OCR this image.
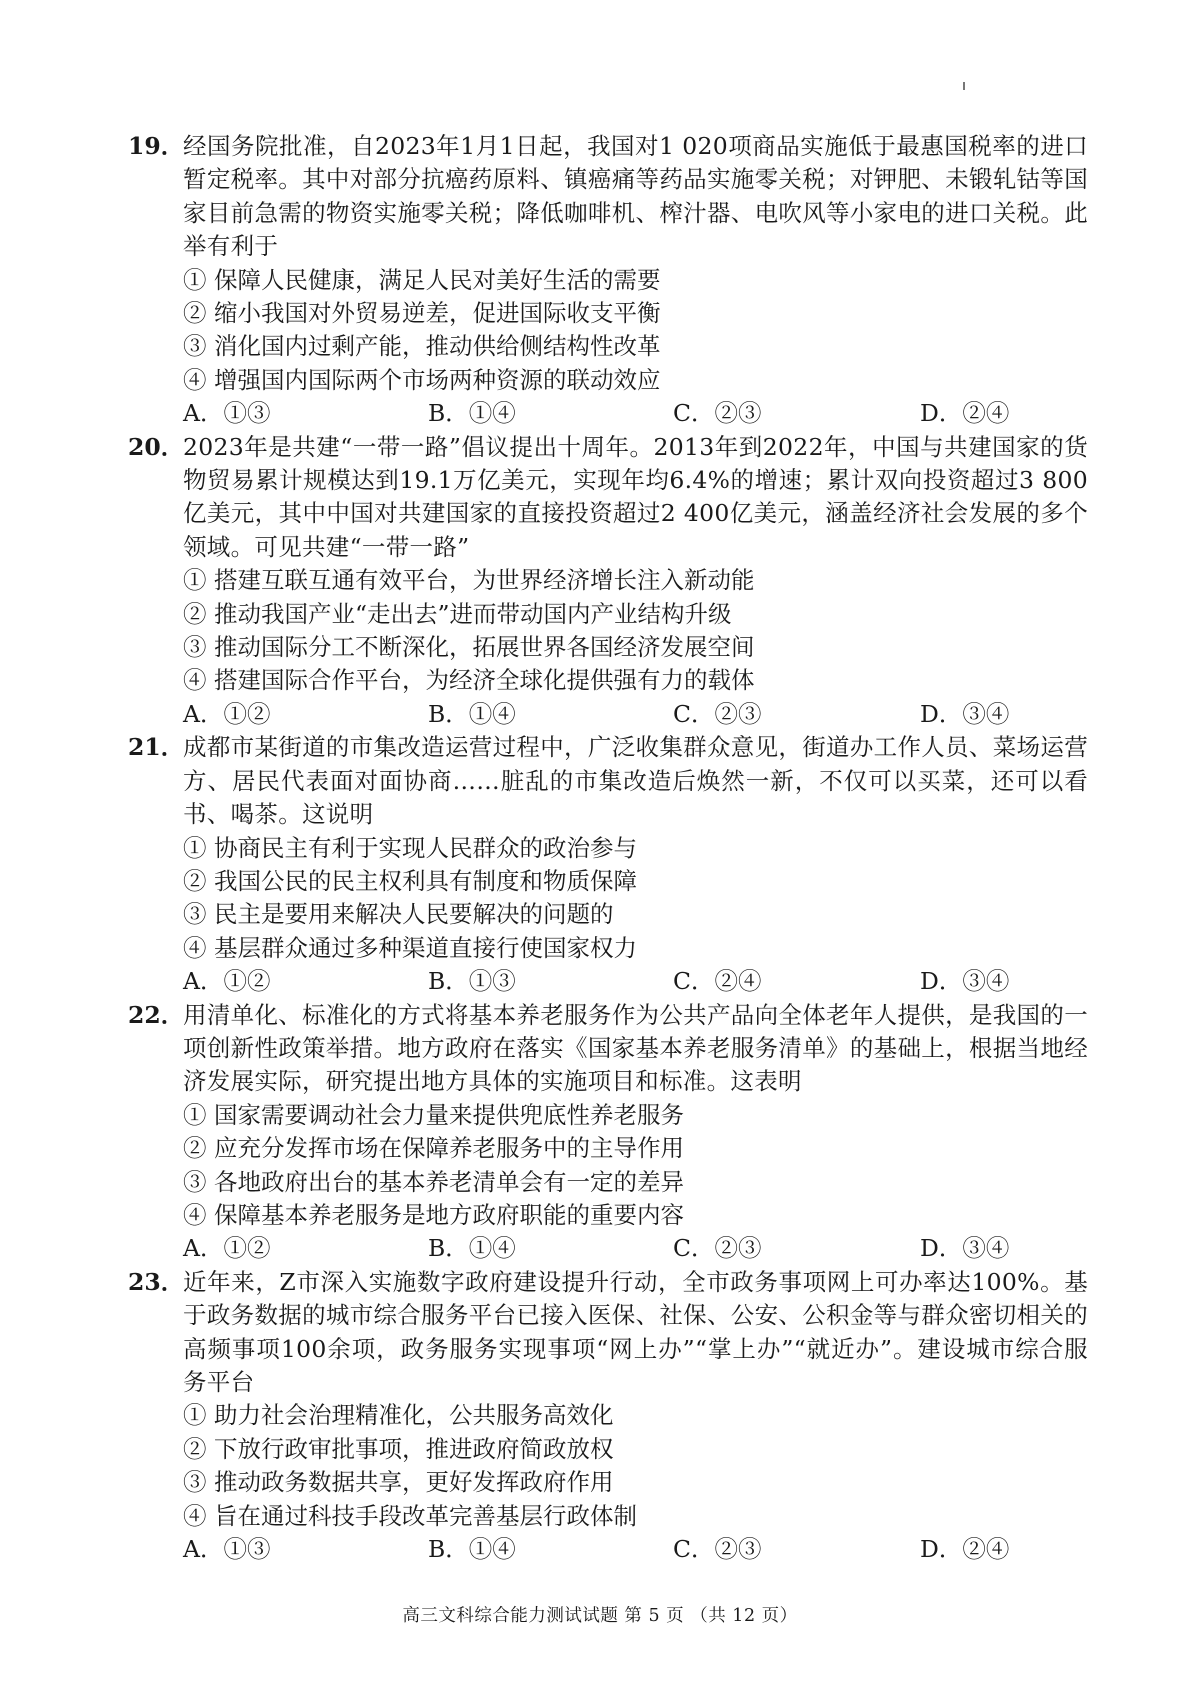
19．

经国务院批准，自2023年1月1日起，我国对1 020项商品实施低于最惠国税率的进口暂定税率。其中对部分抗癌药原料、镇癌痛等药品实施零关税；对钾肥、未锻轧钴等国家目前急需的物资实施零关税；降低咖啡机、榨汁器、电吹风等小家电的进口关税。此举有利于

① 保障人民健康，满足人民对美好生活的需要

② 缩小我国对外贸易逆差，促进国际收支平衡

③ 消化国内过剩产能，推动供给侧结构性改革

④ 增强国内国际两个市场两种资源的联动效应

A．①③	B．①④	C．②③	D．②④
20．

2023年是共建“一带一路”倡议提出十周年。2013年到2022年，中国与共建国家的货物贸易累计规模达到19.1万亿美元，实现年均6.4%的增速；累计双向投资超过3 800亿美元，其中中国对共建国家的直接投资超过2 400亿美元，涵盖经济社会发展的多个领域。可见共建“一带一路”

① 搭建互联互通有效平台，为世界经济增长注入新动能

② 推动我国产业“走出去”进而带动国内产业结构升级

③ 推动国际分工不断深化，拓展世界各国经济发展空间

④ 搭建国际合作平台，为经济全球化提供强有力的载体

A．①②	B．①④	C．②③	D．③④
21．

成都市某街道的市集改造运营过程中，广泛收集群众意见，街道办工作人员、菜场运营方、居民代表面对面协商……脏乱的市集改造后焕然一新，不仅可以买菜，还可以看书、喝茶。这说明

① 协商民主有利于实现人民群众的政治参与

② 我国公民的民主权利具有制度和物质保障

③ 民主是要用来解决人民要解决的问题的

④ 基层群众通过多种渠道直接行使国家权力

A．①②	B．①③	C．②④	D．③④
22．

用清单化、标准化的方式将基本养老服务作为公共产品向全体老年人提供，是我国的一项创新性政策举措。地方政府在落实《国家基本养老服务清单》的基础上，根据当地经济发展实际，研究提出地方具体的实施项目和标准。这表明

① 国家需要调动社会力量来提供兜底性养老服务

② 应充分发挥市场在保障养老服务中的主导作用

③ 各地政府出台的基本养老清单会有一定的差异

④ 保障基本养老服务是地方政府职能的重要内容

A．①②	B．①④	C．②③	D．③④
23．

近年来，Z市深入实施数字政府建设提升行动，全市政务事项网上可办率达100%。基于政务数据的城市综合服务平台已接入医保、社保、公安、公积金等与群众密切相关的高频事项100余项，政务服务实现事项“网上办”“掌上办”“就近办”。建设城市综合服务平台

① 助力社会治理精准化，公共服务高效化

② 下放行政审批事项，推进政府简政放权

③ 推动政务数据共享，更好发挥政府作用

④ 旨在通过科技手段改革完善基层行政体制

A．①③	B．①④	C．②③	D．②④
高三文科综合能力测试试题 第 5 页 （共 12 页）
